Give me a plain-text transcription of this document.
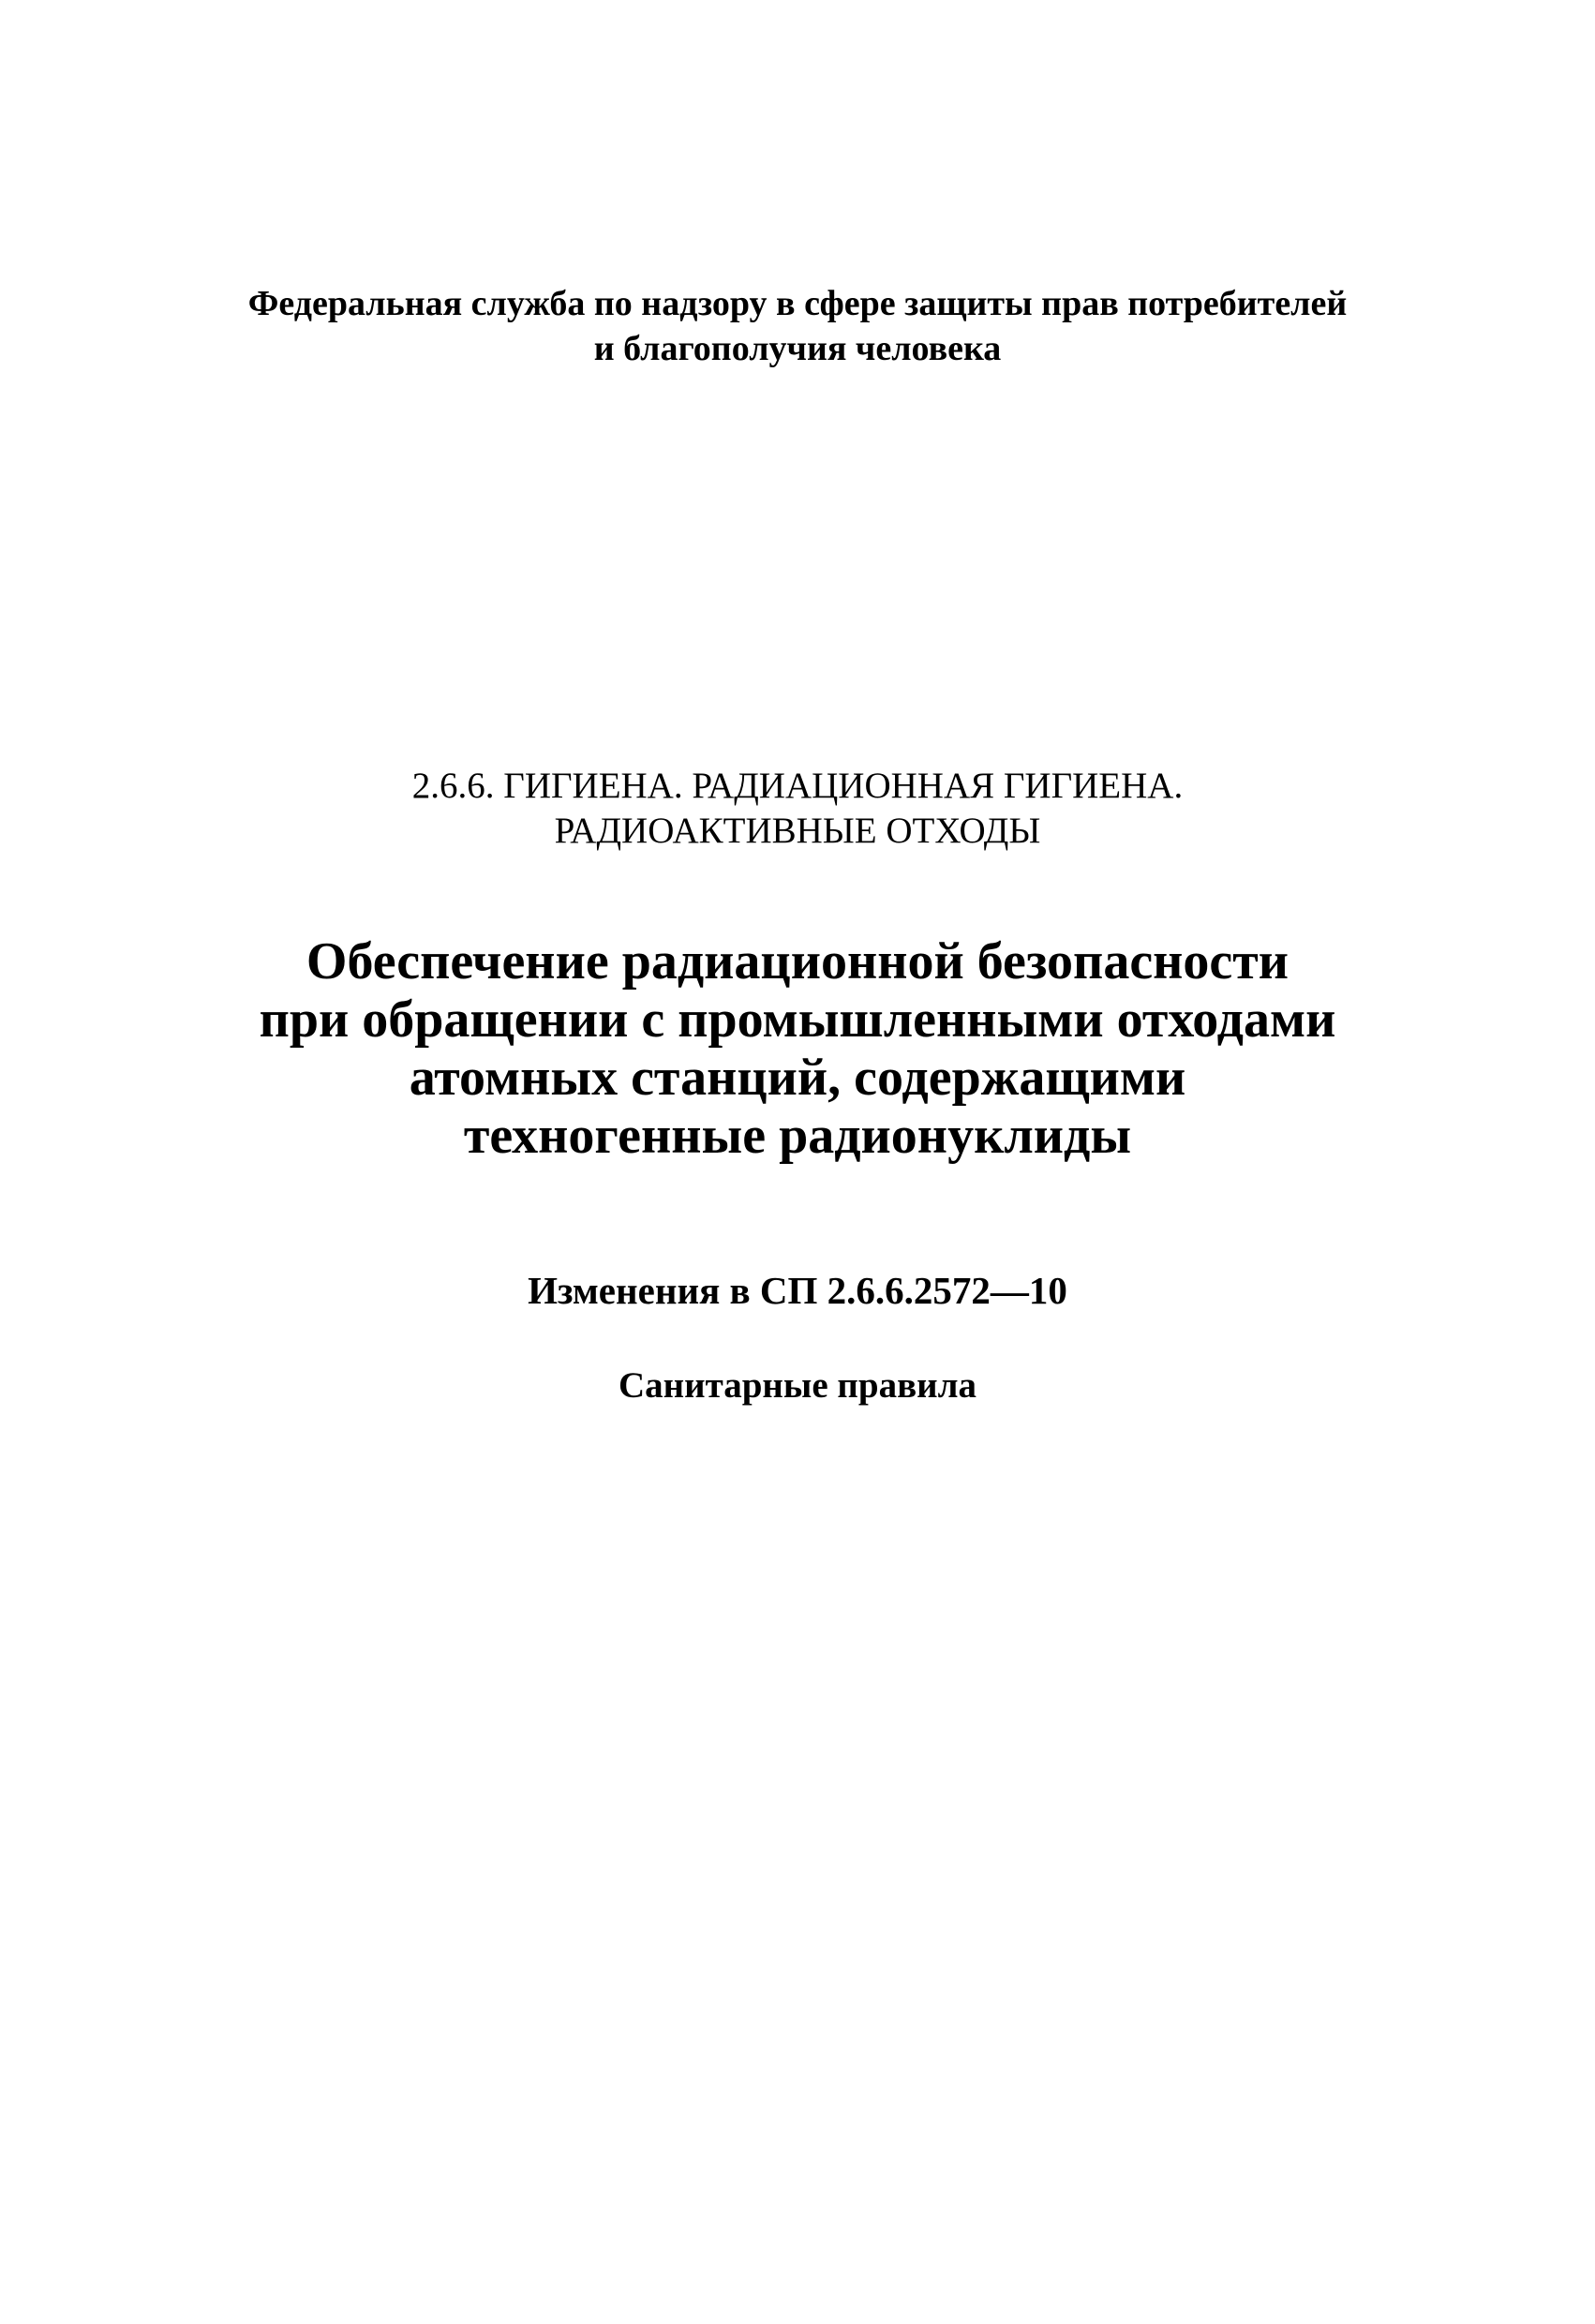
Федеральная служба по надзору в сфере защиты прав потребителей
и благополучия человека
2.6.6. ГИГИЕНА. РАДИАЦИОННАЯ ГИГИЕНА.
РАДИОАКТИВНЫЕ ОТХОДЫ
Обеспечение радиационной безопасности
при обращении с промышленными отходами
атомных станций, содержащими
техногенные радионуклиды
Изменения в СП 2.6.6.2572—10
Санитарные правила
